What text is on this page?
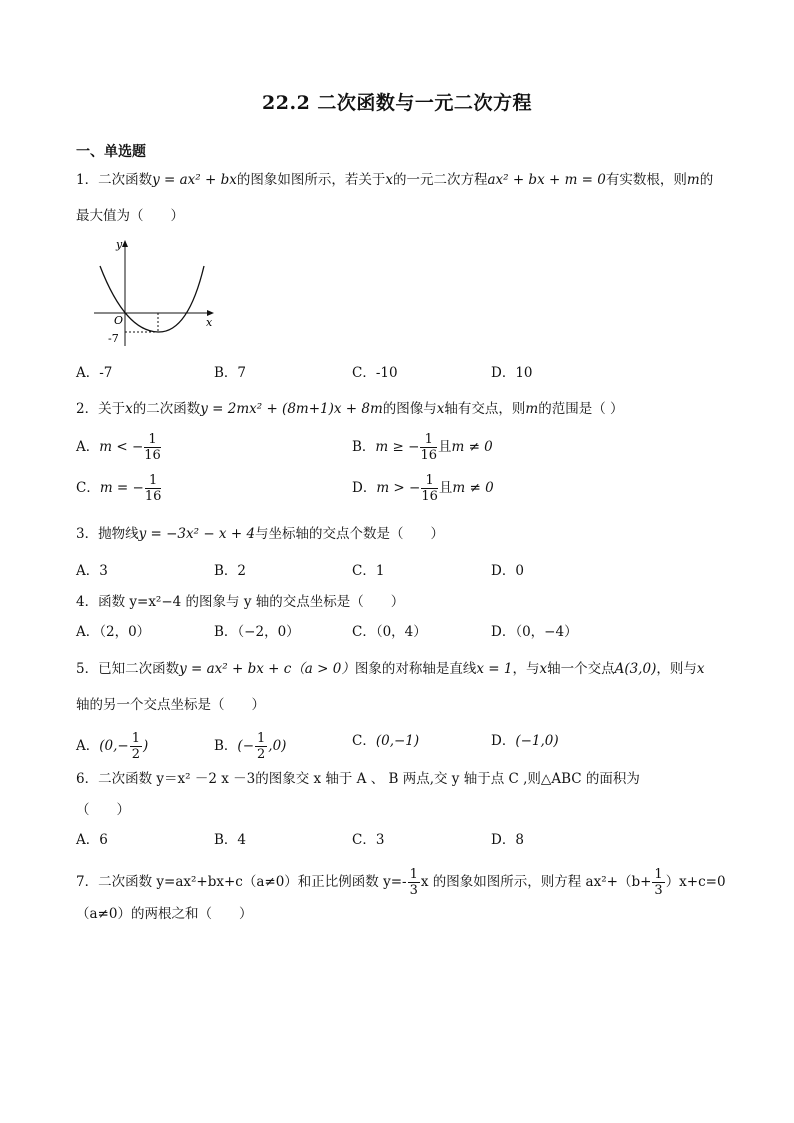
22.2 二次函数与一元二次方程
一、单选题
1．二次函数y = ax² + bx的图象如图所示，若关于x的一元二次方程ax² + bx + m = 0有实数根，则m的
最大值为（　　）
y
x
O
-7
A．-7	B．7	C．-10	D．10
2．关于x的二次函数y = 2mx² + (8m+1)x + 8m的图像与x轴有交点，则m的范围是（ ）
A．m < − $\frac{1}{16}$	B．m ≥ − $\frac{1}{16}$ 且m ≠ 0
C．m = − $\frac{1}{16}$	D．m > − $\frac{1}{16}$ 且m ≠ 0
3．抛物线y = −3x² − x + 4与坐标轴的交点个数是（　　）
A．3	B．2	C．1	D．0
4．函数 y=x²−4 的图象与 y 轴的交点坐标是（　　）
A．（2，0）	B．（−2，0）	C．（0，4）	D．（0，−4）
5．已知二次函数y = ax² + bx + c（a > 0）图象的对称轴是直线x = 1，与x轴一个交点A(3,0)，则与x
轴的另一个交点坐标是（　　）
A．($0,- \frac{1}{2}$ )	B．(− $\frac{1}{2} ,0$)	C．(0,−1)	D．(−1,0)
6．二次函数 y＝x² －2 x －3的图象交 x 轴于 A 、 B 两点,交 y 轴于点 C ,则△ABC 的面积为
（　　）
A．6	B．4	C．3	D．8
7．二次函数 y=ax²+bx+c（a≠0）和正比例函数 $y=- \frac{1}{3}$ x 的图象如图所示，则方程 $ax^2+(b+ \frac{1}{3} )x+c=0$
（a≠0）的两根之和（　　）
